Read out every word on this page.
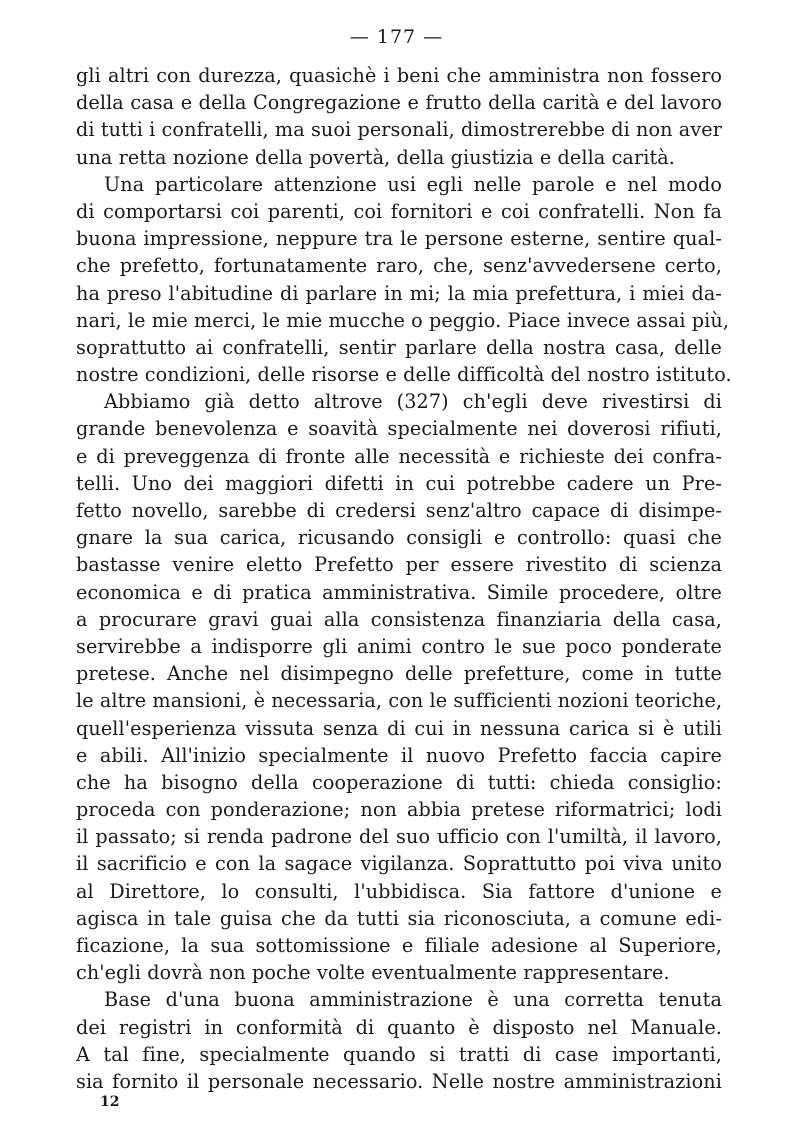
— 177 —
gli altri con durezza, quasichè i beni che amministra non fossero
della casa e della Congregazione e frutto della carità e del lavoro
di tutti i confratelli, ma suoi personali, dimostrerebbe di non aver
una retta nozione della povertà, della giustizia e della carità.
Una particolare attenzione usi egli nelle parole e nel modo
di comportarsi coi parenti, coi fornitori e coi confratelli. Non fa
buona impressione, neppure tra le persone esterne, sentire qual-
che prefetto, fortunatamente raro, che, senz'avvedersene certo,
ha preso l'abitudine di parlare in mi; la mia prefettura, i miei da-
nari, le mie merci, le mie mucche o peggio. Piace invece assai più,
soprattutto ai confratelli, sentir parlare della nostra casa, delle
nostre condizioni, delle risorse e delle difficoltà del nostro istituto.
Abbiamo già detto altrove (327) ch'egli deve rivestirsi di
grande benevolenza e soavità specialmente nei doverosi rifiuti,
e di preveggenza di fronte alle necessità e richieste dei confra-
telli. Uno dei maggiori difetti in cui potrebbe cadere un Pre-
fetto novello, sarebbe di credersi senz'altro capace di disimpe-
gnare la sua carica, ricusando consigli e controllo: quasi che
bastasse venire eletto Prefetto per essere rivestito di scienza
economica e di pratica amministrativa. Simile procedere, oltre
a procurare gravi guai alla consistenza finanziaria della casa,
servirebbe a indisporre gli animi contro le sue poco ponderate
pretese. Anche nel disimpegno delle prefetture, come in tutte
le altre mansioni, è necessaria, con le sufficienti nozioni teoriche,
quell'esperienza vissuta senza di cui in nessuna carica si è utili
e abili. All'inizio specialmente il nuovo Prefetto faccia capire
che ha bisogno della cooperazione di tutti: chieda consiglio:
proceda con ponderazione; non abbia pretese riformatrici; lodi
il passato; si renda padrone del suo ufficio con l'umiltà, il lavoro,
il sacrificio e con la sagace vigilanza. Soprattutto poi viva unito
al Direttore, lo consulti, l'ubbidisca. Sia fattore d'unione e
agisca in tale guisa che da tutti sia riconosciuta, a comune edi-
ficazione, la sua sottomissione e filiale adesione al Superiore,
ch'egli dovrà non poche volte eventualmente rappresentare.
Base d'una buona amministrazione è una corretta tenuta
dei registri in conformità di quanto è disposto nel Manuale.
A tal fine, specialmente quando si tratti di case importanti,
sia fornito il personale necessario. Nelle nostre amministrazioni
12
